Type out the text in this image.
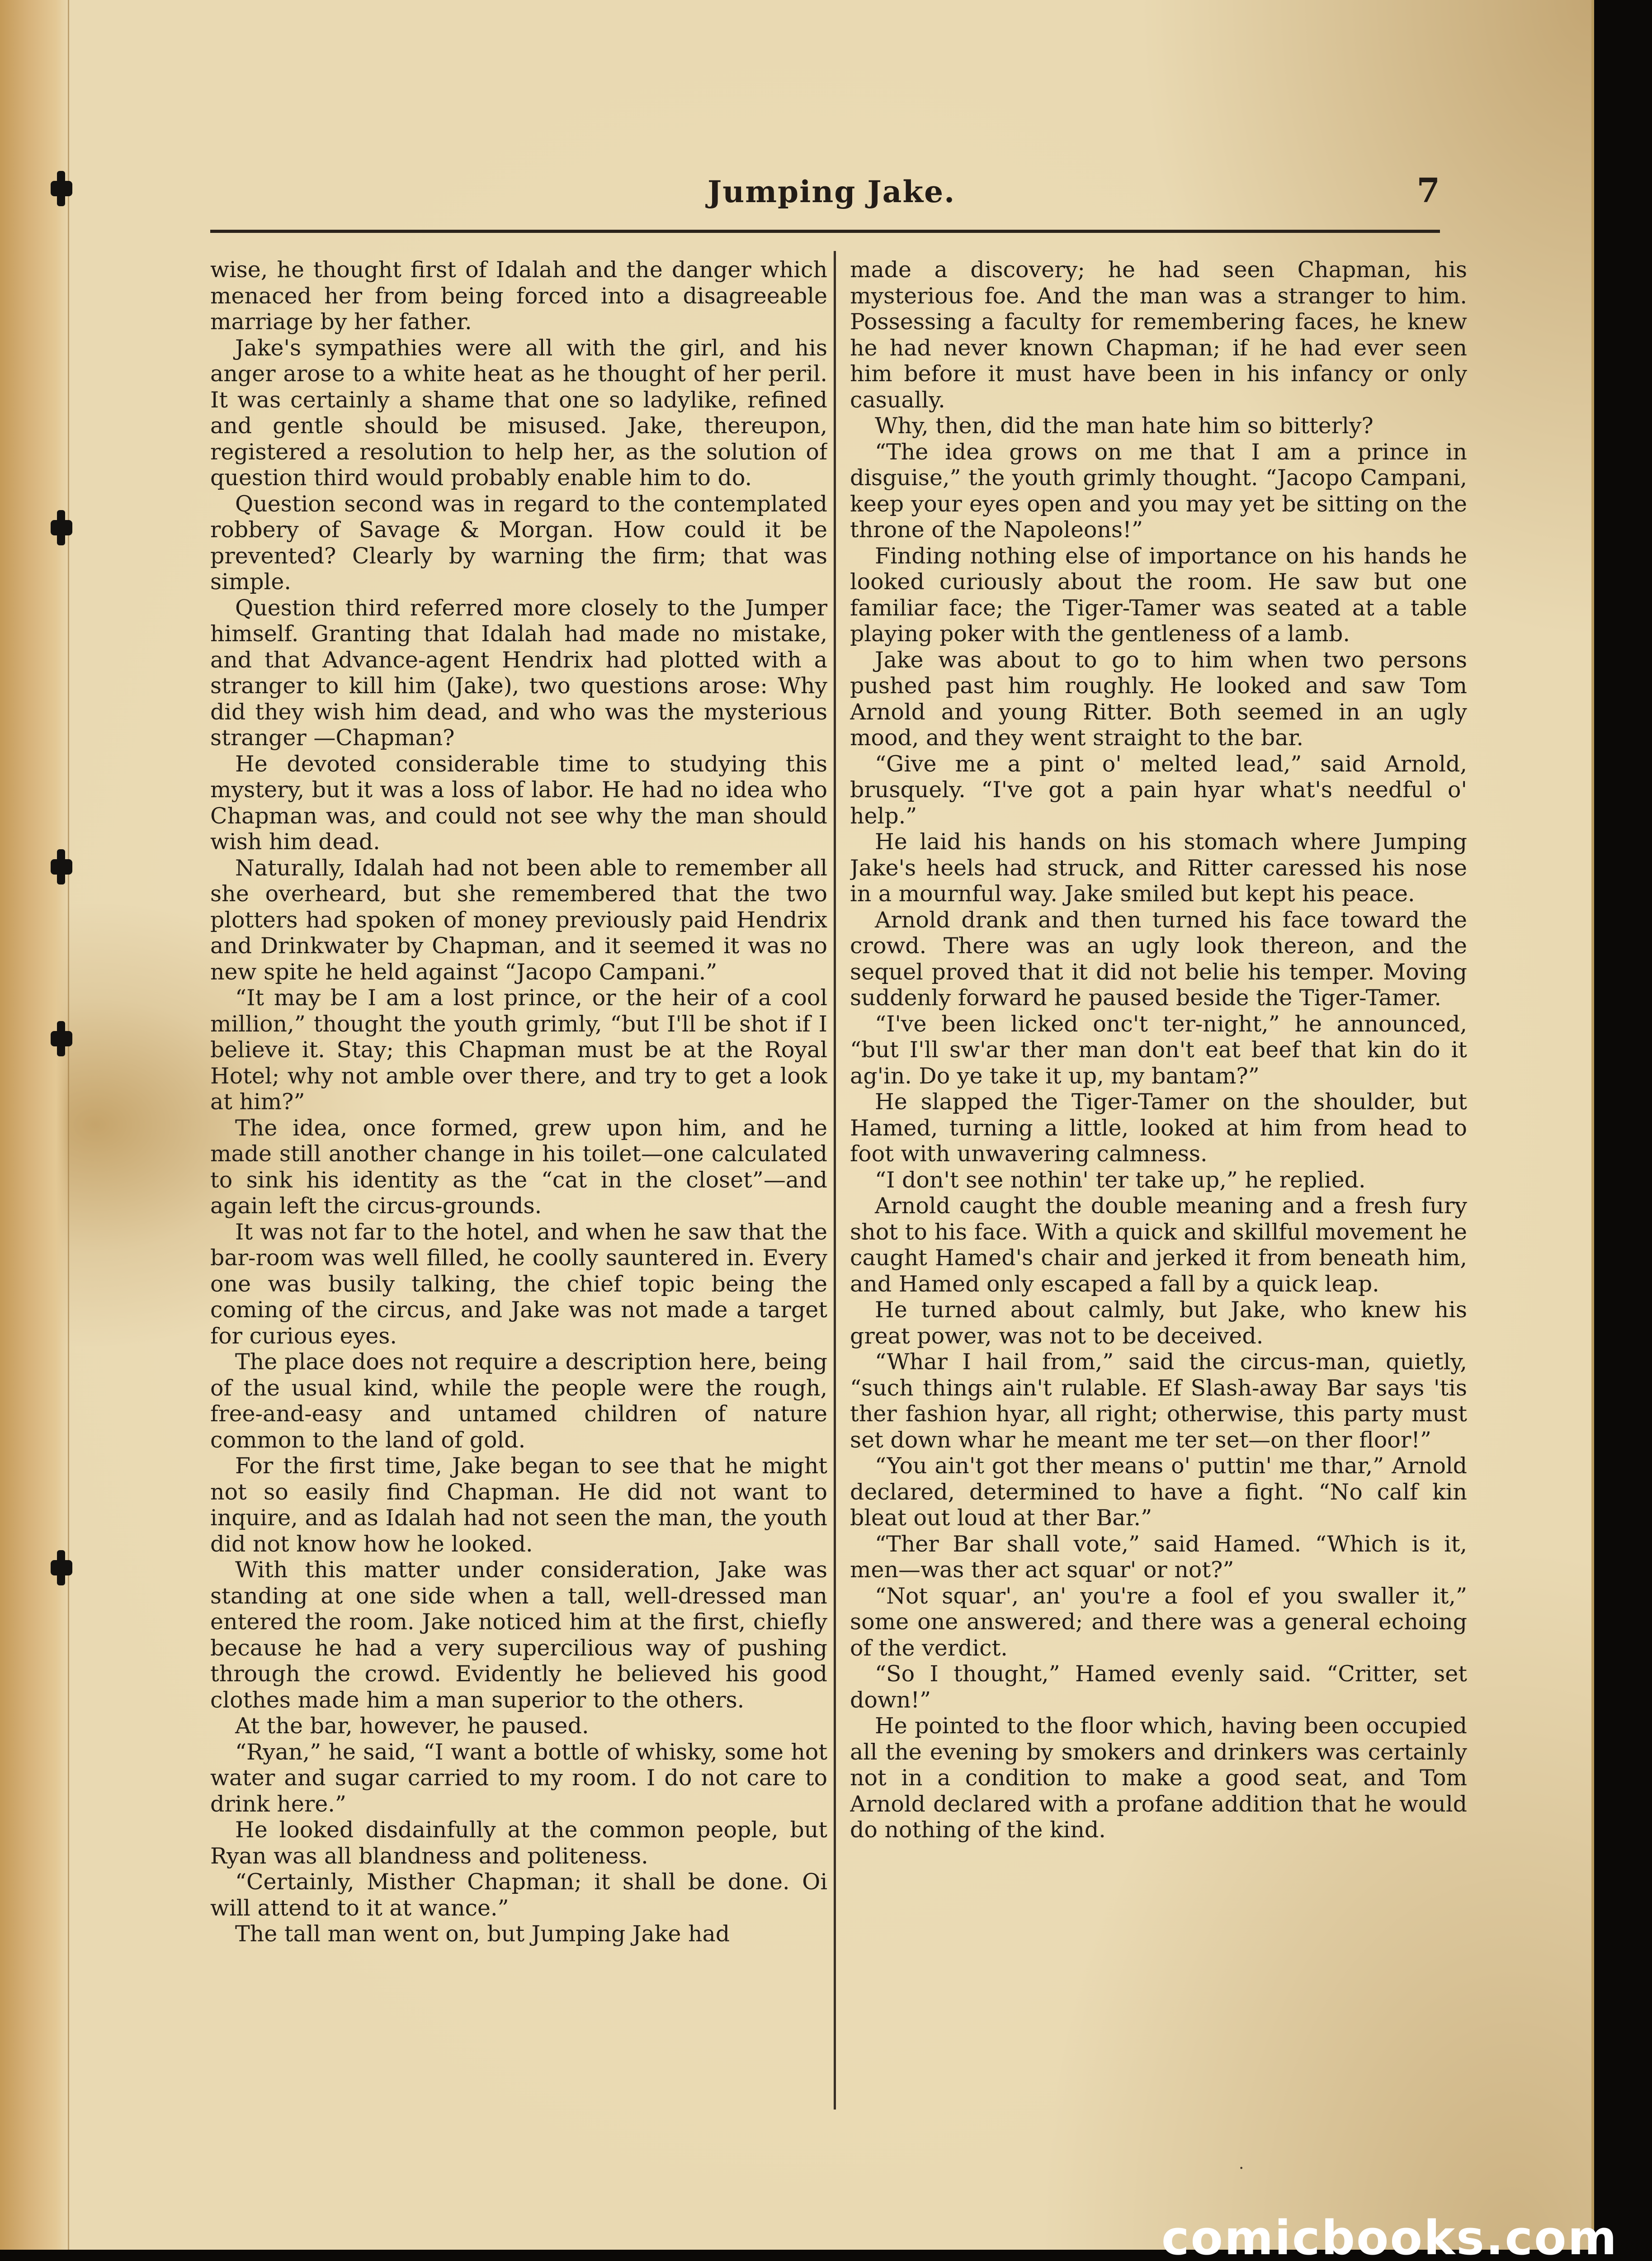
Jumping Jake.	7

wise, he thought first of Idalah and the danger which menaced her from being forced into a disagreeable marriage by her father.

Jake's sympathies were all with the girl, and his anger arose to a white heat as he thought of her peril. It was certainly a shame that one so ladylike, refined and gentle should be misused. Jake, thereupon, registered a resolution to help her, as the solution of question third would probably enable him to do.

Question second was in regard to the contemplated robbery of Savage & Morgan. How could it be prevented? Clearly by warning the firm; that was simple.

Question third referred more closely to the Jumper himself. Granting that Idalah had made no mistake, and that Advance-agent Hendrix had plotted with a stranger to kill him (Jake), two questions arose: Why did they wish him dead, and who was the mysterious stranger —Chapman?

He devoted considerable time to studying this mystery, but it was a loss of labor. He had no idea who Chapman was, and could not see why the man should wish him dead.

Naturally, Idalah had not been able to remember all she overheard, but she remembered that the two plotters had spoken of money previously paid Hendrix and Drinkwater by Chapman, and it seemed it was no new spite he held against “Jacopo Campani.”

“It may be I am a lost prince, or the heir of a cool million,” thought the youth grimly, “but I'll be shot if I believe it. Stay; this Chapman must be at the Royal Hotel; why not amble over there, and try to get a look at him?”

The idea, once formed, grew upon him, and he made still another change in his toilet—one calculated to sink his identity as the “cat in the closet”—and again left the circus-grounds.

It was not far to the hotel, and when he saw that the bar-room was well filled, he coolly sauntered in. Every one was busily talking, the chief topic being the coming of the circus, and Jake was not made a target for curious eyes.

The place does not require a description here, being of the usual kind, while the people were the rough, free-and-easy and untamed children of nature common to the land of gold.

For the first time, Jake began to see that he might not so easily find Chapman. He did not want to inquire, and as Idalah had not seen the man, the youth did not know how he looked.

With this matter under consideration, Jake was standing at one side when a tall, well-dressed man entered the room. Jake noticed him at the first, chiefly because he had a very supercilious way of pushing through the crowd. Evidently he believed his good clothes made him a man superior to the others.

At the bar, however, he paused.

“Ryan,” he said, “I want a bottle of whisky, some hot water and sugar carried to my room. I do not care to drink here.”

He looked disdainfully at the common people, but Ryan was all blandness and politeness.

“Certainly, Misther Chapman; it shall be done. Oi will attend to it at wance.”

The tall man went on, but Jumping Jake had

made a discovery; he had seen Chapman, his mysterious foe. And the man was a stranger to him. Possessing a faculty for remembering faces, he knew he had never known Chapman; if he had ever seen him before it must have been in his infancy or only casually.

Why, then, did the man hate him so bitterly?

“The idea grows on me that I am a prince in disguise,” the youth grimly thought. “Jacopo Campani, keep your eyes open and you may yet be sitting on the throne of the Napoleons!”

Finding nothing else of importance on his hands he looked curiously about the room. He saw but one familiar face; the Tiger-Tamer was seated at a table playing poker with the gentleness of a lamb.

Jake was about to go to him when two persons pushed past him roughly. He looked and saw Tom Arnold and young Ritter. Both seemed in an ugly mood, and they went straight to the bar.

“Give me a pint o' melted lead,” said Arnold, brusquely. “I've got a pain hyar what's needful o' help.”

He laid his hands on his stomach where Jumping Jake's heels had struck, and Ritter caressed his nose in a mournful way. Jake smiled but kept his peace.

Arnold drank and then turned his face toward the crowd. There was an ugly look thereon, and the sequel proved that it did not belie his temper. Moving suddenly forward he paused beside the Tiger-Tamer.

“I've been licked onc't ter-night,” he announced, “but I'll sw'ar ther man don't eat beef that kin do it ag'in. Do ye take it up, my bantam?”

He slapped the Tiger-Tamer on the shoulder, but Hamed, turning a little, looked at him from head to foot with unwavering calmness.

“I don't see nothin' ter take up,” he replied.

Arnold caught the double meaning and a fresh fury shot to his face. With a quick and skillful movement he caught Hamed's chair and jerked it from beneath him, and Hamed only escaped a fall by a quick leap.

He turned about calmly, but Jake, who knew his great power, was not to be deceived.

“Whar I hail from,” said the circus-man, quietly, “such things ain't rulable. Ef Slash-away Bar says 'tis ther fashion hyar, all right; otherwise, this party must set down whar he meant me ter set—on ther floor!”

“You ain't got ther means o' puttin' me thar,” Arnold declared, determined to have a fight. “No calf kin bleat out loud at ther Bar.”

“Ther Bar shall vote,” said Hamed. “Which is it, men—was ther act squar' or not?”

“Not squar', an' you're a fool ef you swaller it,” some one answered; and there was a general echoing of the verdict.

“So I thought,” Hamed evenly said. “Critter, set down!”

He pointed to the floor which, having been occupied all the evening by smokers and drinkers was certainly not in a condition to make a good seat, and Tom Arnold declared with a profane addition that he would do nothing of the kind.

·
comicbooks.com
